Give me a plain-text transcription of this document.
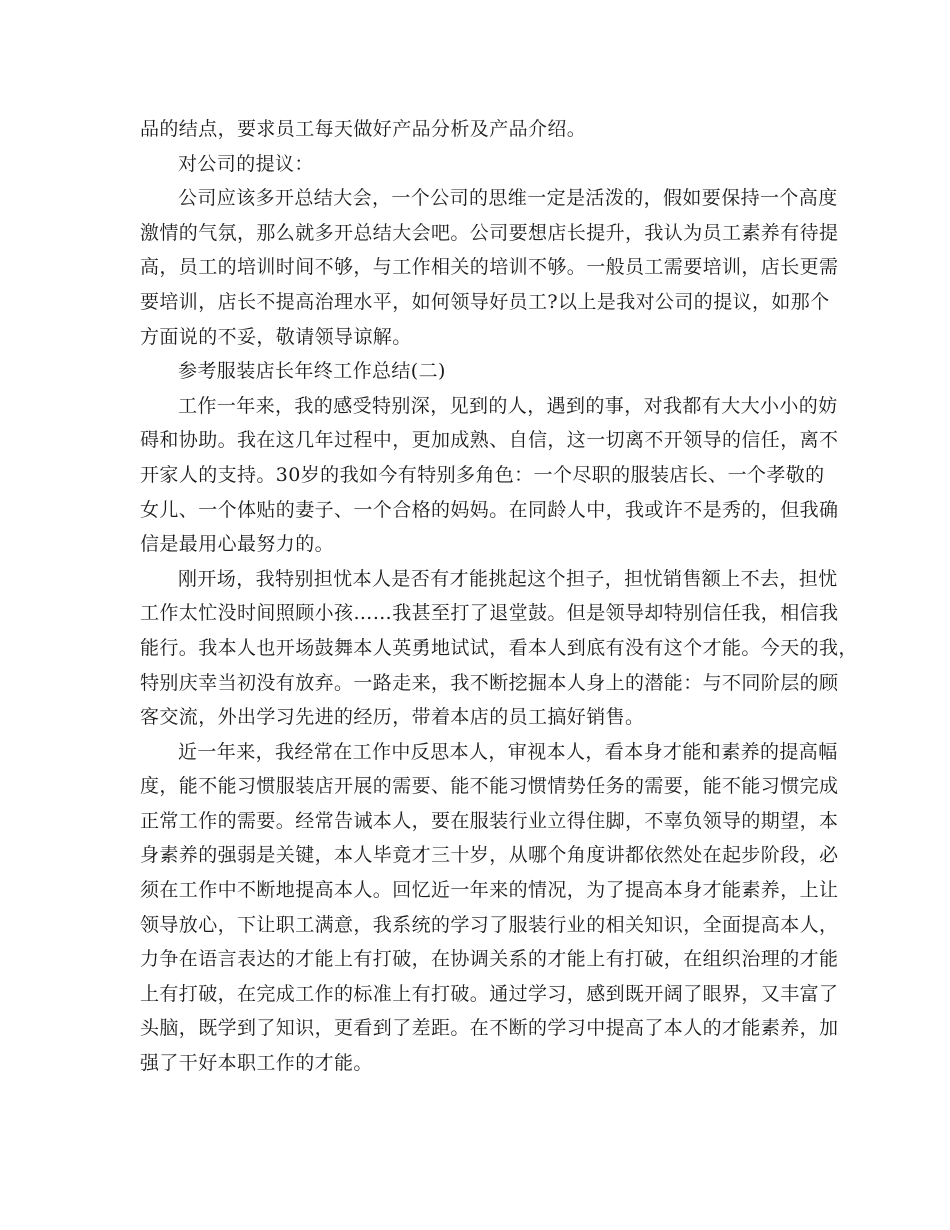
品的结点，要求员工每天做好产品分析及产品介绍。
对公司的提议：
公司应该多开总结大会，一个公司的思维一定是活泼的，假如要保持一个高度
激情的气氛，那么就多开总结大会吧。公司要想店长提升，我认为员工素养有待提
高，员工的培训时间不够，与工作相关的培训不够。一般员工需要培训，店长更需
要培训，店长不提高治理水平，如何领导好员工?以上是我对公司的提议，如那个
方面说的不妥，敬请领导谅解。
参考服装店长年终工作总结(二)
工作一年来，我的感受特别深，见到的人，遇到的事，对我都有大大小小的妨
碍和协助。我在这几年过程中，更加成熟、自信，这一切离不开领导的信任，离不
开家人的支持。30岁的我如今有特别多角色：一个尽职的服装店长、一个孝敬的
女儿、一个体贴的妻子、一个合格的妈妈。在同龄人中，我或许不是秀的，但我确
信是最用心最努力的。
刚开场，我特别担忧本人是否有才能挑起这个担子，担忧销售额上不去，担忧
工作太忙没时间照顾小孩……我甚至打了退堂鼓。但是领导却特别信任我，相信我
能行。我本人也开场鼓舞本人英勇地试试，看本人到底有没有这个才能。今天的我，
特别庆幸当初没有放弃。一路走来，我不断挖掘本人身上的潜能：与不同阶层的顾
客交流，外出学习先进的经历，带着本店的员工搞好销售。
近一年来，我经常在工作中反思本人，审视本人，看本身才能和素养的提高幅
度，能不能习惯服装店开展的需要、能不能习惯情势任务的需要，能不能习惯完成
正常工作的需要。经常告诫本人，要在服装行业立得住脚，不辜负领导的期望，本
身素养的强弱是关键，本人毕竟才三十岁，从哪个角度讲都依然处在起步阶段，必
须在工作中不断地提高本人。回忆近一年来的情况，为了提高本身才能素养，上让
领导放心，下让职工满意，我系统的学习了服装行业的相关知识，全面提高本人，
力争在语言表达的才能上有打破，在协调关系的才能上有打破，在组织治理的才能
上有打破，在完成工作的标准上有打破。通过学习，感到既开阔了眼界，又丰富了
头脑，既学到了知识，更看到了差距。在不断的学习中提高了本人的才能素养，加
强了干好本职工作的才能。
